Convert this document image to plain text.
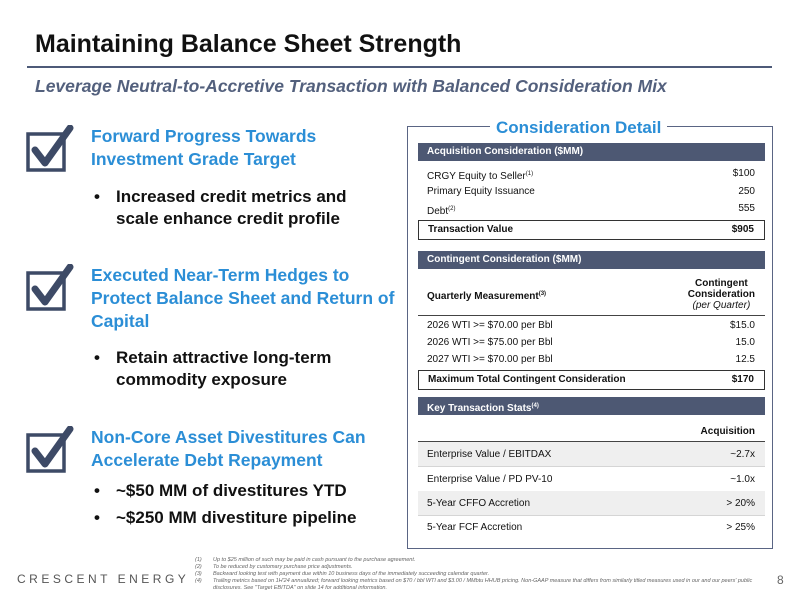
Maintaining Balance Sheet Strength
Leverage Neutral-to-Accretive Transaction with Balanced Consideration Mix
Forward Progress Towards Investment Grade Target
• Increased credit metrics and scale enhance credit profile
Executed Near-Term Hedges to Protect Balance Sheet and Return of Capital
• Retain attractive long-term commodity exposure
Non-Core Asset Divestitures Can Accelerate Debt Repayment
• ~$50 MM of divestitures YTD
• ~$250 MM divestiture pipeline
Consideration Detail
Acquisition Consideration ($MM)
CRGY Equity to Seller$^{(1)}$	$100
Primary Equity Issuance	250
Debt$^{(2)}$	555
Transaction Value	$905
Contingent Consideration ($MM)
Quarterly Measurement$^{(3)}$
Contingent
Consideration
(per Quarter)
2026 WTI >= $70.00 per Bbl	$15.0
2026 WTI >= $75.00 per Bbl	15.0
2027 WTI >= $70.00 per Bbl	12.5
Maximum Total Contingent Consideration	$170
Key Transaction Stats$^{(4)}$
Acquisition
Enterprise Value / EBITDAX	~2.7x
Enterprise Value / PD PV-10	~1.0x
5-Year CFFO Accretion	> 20%
5-Year FCF Accretion	> 25%
CRESCENT ENERGY
(1) Up to $25 million of such may be paid in cash pursuant to the purchase agreement.
(2) To be reduced by customary purchase price adjustments.
(3) Backward looking test with payment due within 10 business days of the immediately succeeding calendar quarter.
(4) Trailing metrics based on 1H'24 annualized; forward looking metrics based on $70 / bbl WTI and $3.00 / MMbtu HHUB pricing. Non-GAAP measure that differs from similarly titled measures used in our and our peers' public disclosures. See "Target EBITDA" on slide 14 for additional information.
8
